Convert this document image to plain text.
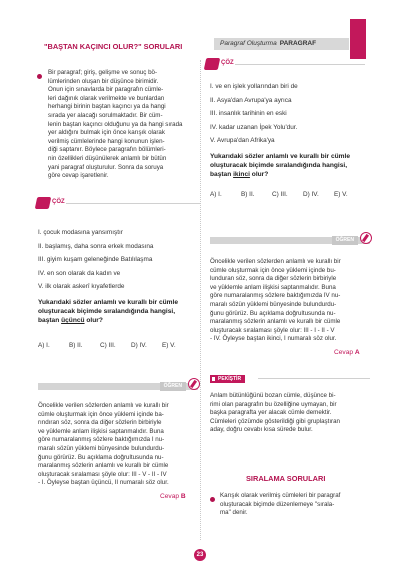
Paragraf Oluşturma PARAGRAF
"BAŞTAN KAÇINCI OLUR?" SORULARI
Bir paragraf; giriş, gelişme ve sonuç bö-
lümlerinden oluşan bir düşünce birimidir.
Onun için sınavlarda bir paragrafın cümle-
leri dağınık olarak verilmekte ve bunlardan
herhangi birinin baştan kaçıncı ya da hangi
sırada yer alacağı sorulmaktadır. Bir cüm-
lenin baştan kaçıncı olduğunu ya da hangi sırada
yer aldığını bulmak için önce karışık olarak
verilmiş cümlelerinde hangi konunun işlen-
diği saptanır. Böylece paragrafın bölümleri-
nin özellikleri düşünülerek anlamlı bir bütün
yani paragraf oluşturulur. Sonra da soruya
göre cevap işaretlenir.
ÇÖZ
I. çocuk modasına yansımıştır
II. başlamış, daha sonra erkek modasına
III. giyim kuşam geleneğinde Batılılaşma
IV. en son olarak da kadın ve
V. ilk olarak askerî kıyafetlerde
Yukarıdaki sözler anlamlı ve kurallı bir cümle oluşturacak biçimde sıralandığında hangisi, baştan üçüncü olur?
A) I.	B) II.	C) III.	D) IV.	E) V.
ÖĞREN
Öncelikle verilen sözlerden anlamlı ve kurallı bir
cümle oluşturmak için önce yüklemi içinde ba-
rındıran söz, sonra da diğer sözlerin birbiriyle
ve yüklemle anlam ilişkisi saptanmalıdır. Buna
göre numaralanmış sözlere baktığımızda I nu-
maralı sözün yüklemi bünyesinde bulundurdu-
ğunu görürüz. Bu açıklama doğrultusunda nu-
maralanmış sözlerin anlamlı ve kurallı bir cümle
oluşturacak sıralaması şöyle olur: III - V - II - IV
- I. Öyleyse baştan üçüncü, II numaralı söz olur.
Cevap B
ÇÖZ
I. ve en işlek yollarından biri de
II. Asya'dan Avrupa'ya ayrıca
III. insanlık tarihinin en eski
IV. kadar uzanan İpek Yolu'dur.
V. Avrupa'dan Afrika'ya
Yukarıdaki sözler anlamlı ve kurallı bir cümle oluşturacak biçimde sıralandığında hangisi, baştan ikinci olur?
A) I.	B) II.	C) III.	D) IV.	E) V.
ÖĞREN
Öncelikle verilen sözlerden anlamlı ve kurallı bir
cümle oluşturmak için önce yüklemi içinde bu-
lunduran söz, sonra da diğer sözlerin birbiriyle
ve yüklemle anlam ilişkisi saptanmalıdır. Buna
göre numaralanmış sözlere baktığımızda IV nu-
maralı sözün yüklemi bünyesinde bulundurdu-
ğunu görürüz. Bu açıklama doğrultusunda nu-
maralanmış sözlerin anlamlı ve kurallı bir cümle
oluşturacak sıralaması şöyle olur: III - I - II - V
- IV. Öyleyse baştan ikinci, I numaralı söz olur.
Cevap A
PEKİŞTİR
Anlam bütünlüğünü bozan cümle, düşünce bi-
rimi olan paragrafın bu özelliğine uymayan, bir
başka paragrafta yer alacak cümle demektir.
Cümleleri çözümde gösterildiği gibi gruplaştıran
aday, doğru cevabı kısa sürede bulur.
SIRALAMA SORULARI
Karışık olarak verilmiş cümleleri bir paragraf
oluşturacak biçimde düzenlemeye "sırala-
ma" denir.
23
